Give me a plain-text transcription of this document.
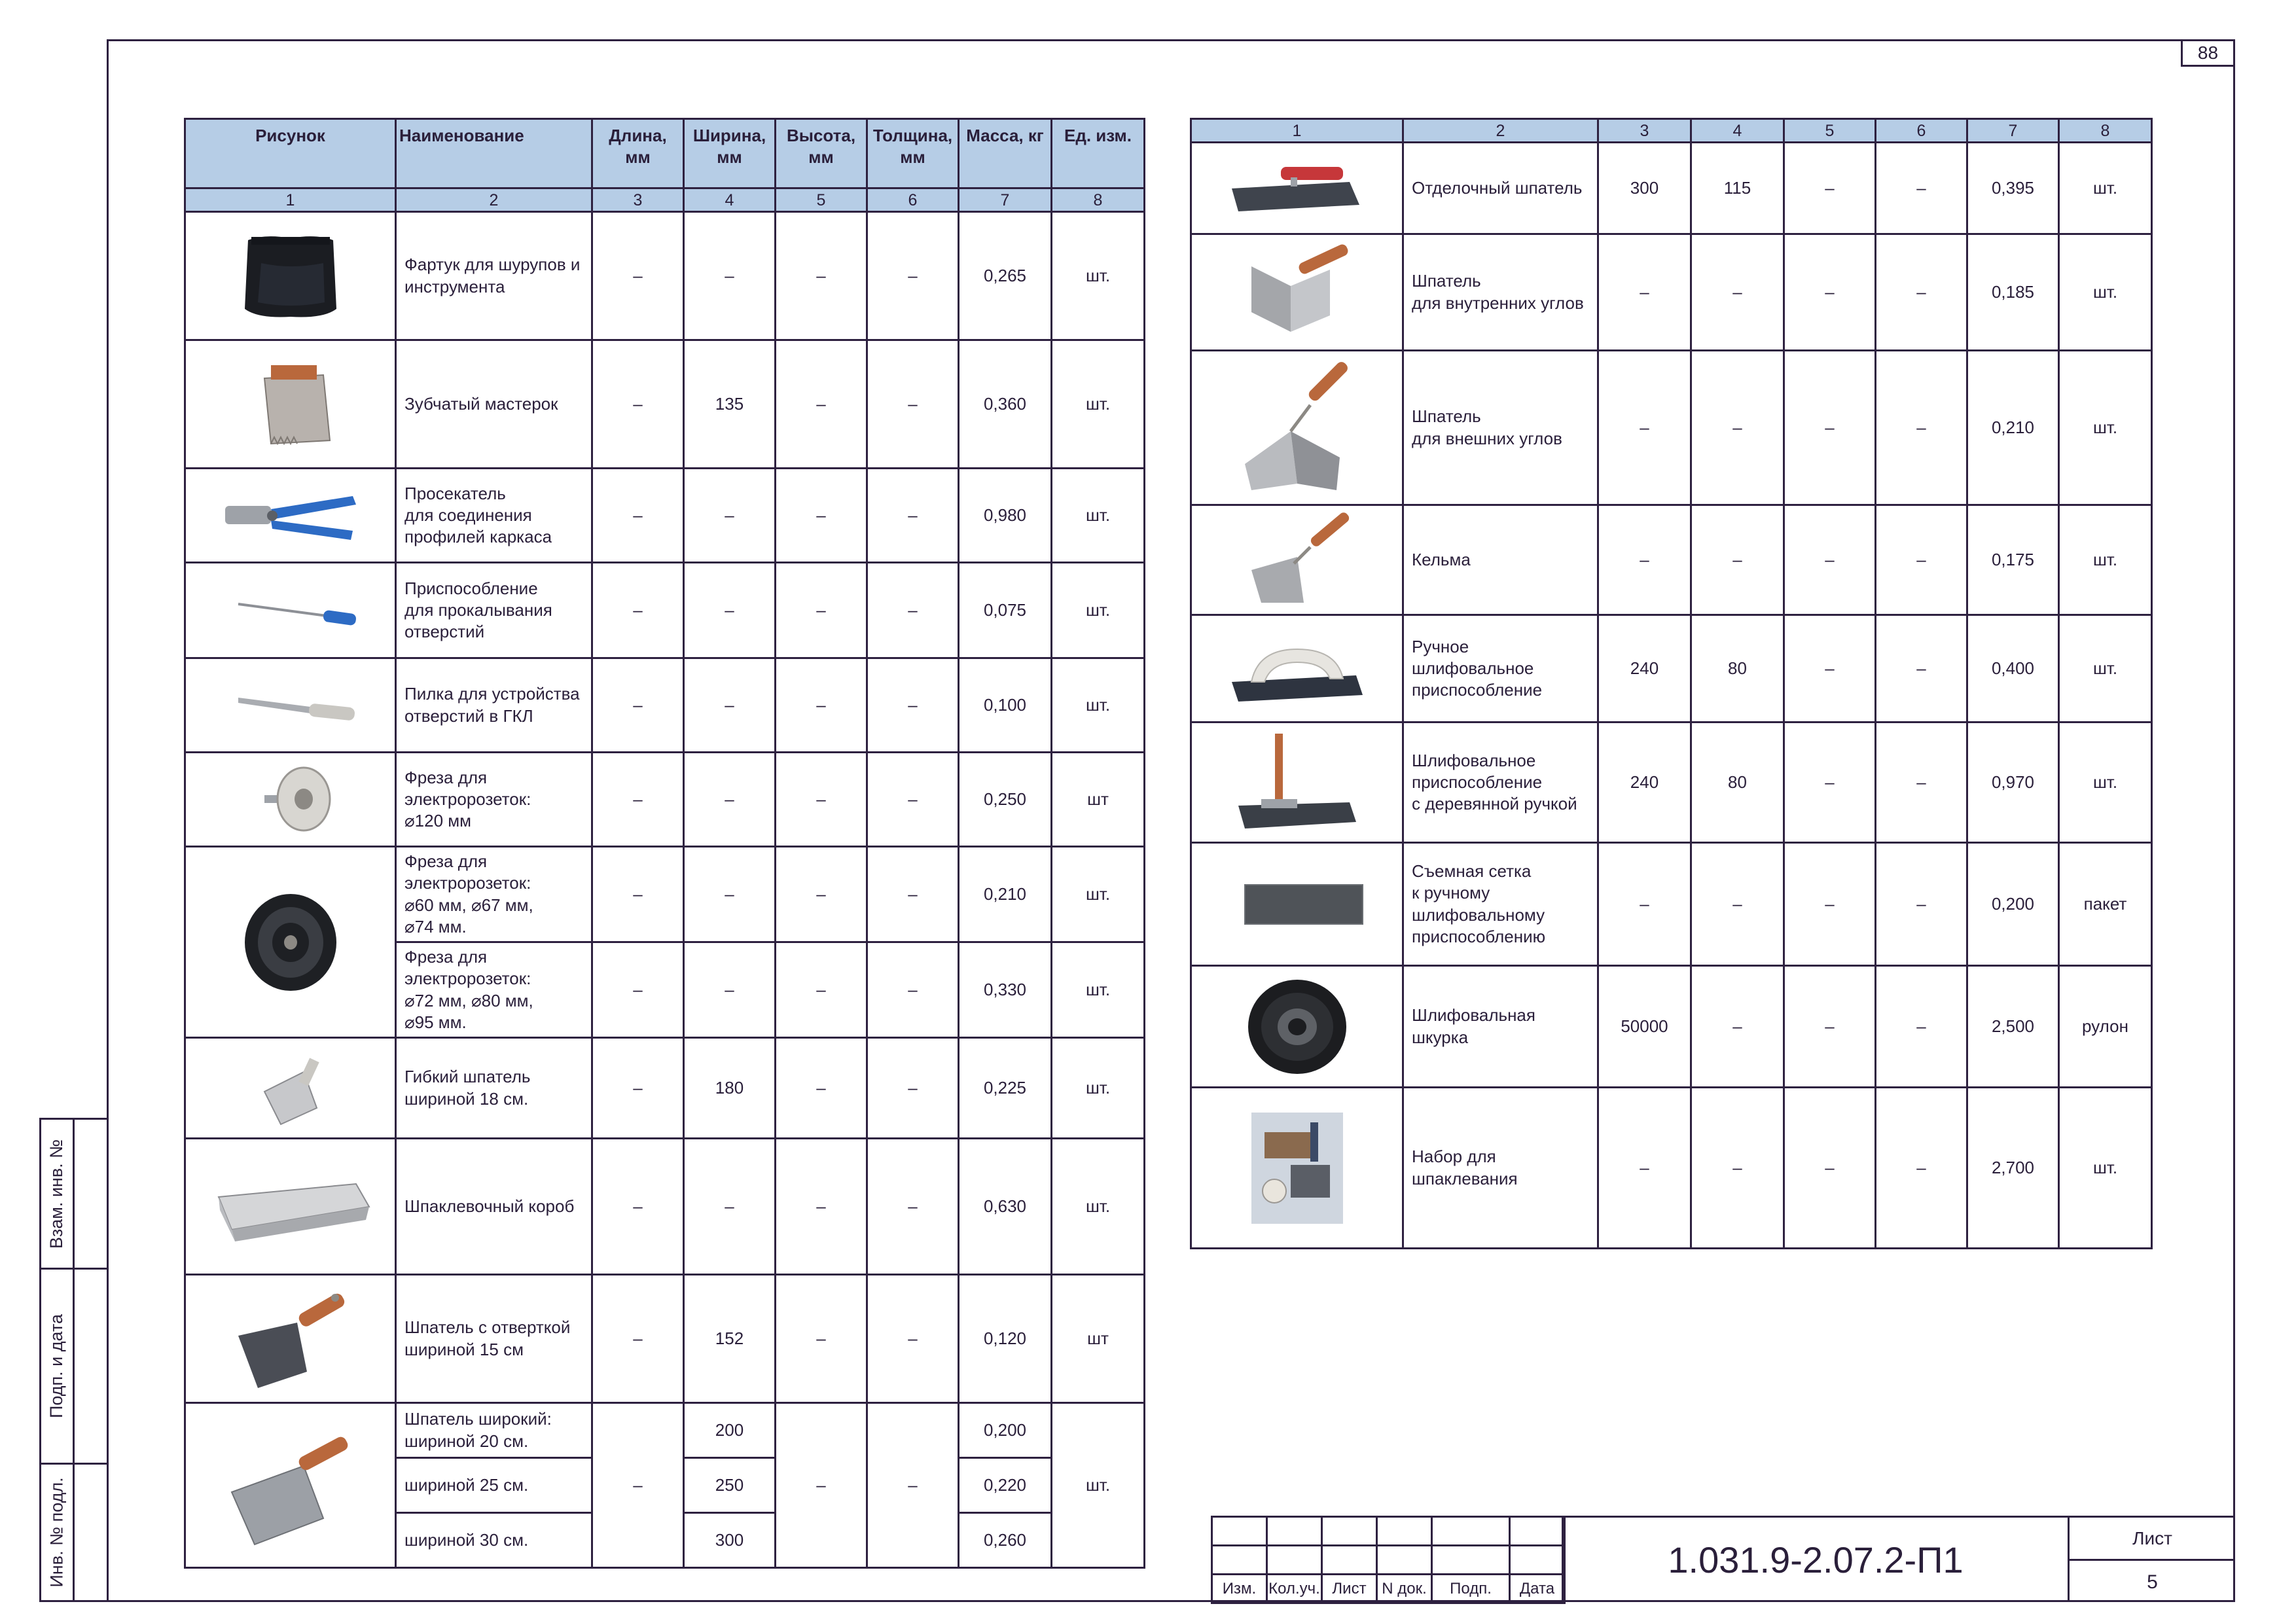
88
Взам. инв. №
Подп. и дата
Инв. № подл.
Рисунок	Наименование	Длина,
мм	Ширина,
мм	Высота,
мм	Толщина,
мм	Масса, кг	Ед. изм.
1	2	3	4	5	6	7	8

	Фартук для шурупов и
инструмента	–	–	–	–	0,265	шт.

	Зубчатый мастерок	–	135	–	–	0,360	шт.

	Просекатель
для соединения
профилей каркаса	–	–	–	–	0,980	шт.

	Приспособление
для прокалывания
отверстий	–	–	–	–	0,075	шт.

	Пилка для устройства
отверстий в ГКЛ	–	–	–	–	0,100	шт.

	Фреза для
электророзеток:
⌀120 мм	–	–	–	–	0,250	шт

	Фреза для
электророзеток:
⌀60 мм, ⌀67 мм,
⌀74 мм.	–	–	–	–	0,210	шт.
	Фреза для
электророзеток:
⌀72 мм, ⌀80 мм,
⌀95 мм.	–	–	–	–	0,330	шт.

	Гибкий шпатель
шириной 18 см.	–	180	–	–	0,225	шт.

	Шпаклевочный короб	–	–	–	–	0,630	шт.

	Шпатель с отверткой
шириной 15 см	–	152	–	–	0,120	шт

	Шпатель широкий:
шириной 20 см.	–	200	–	–	0,200	шт.
	шириной 25 см.		250			0,220	
	шириной 30 см.		300			0,260	
1	2	3	4	5	6	7	8

	Отделочный шпатель	300	115	–	–	0,395	шт.

	Шпатель
для внутренних углов	–	–	–	–	0,185	шт.

	Шпатель
для внешних углов	–	–	–	–	0,210	шт.

	Кельма	–	–	–	–	0,175	шт.

	Ручное шлифовальное
приспособление	240	80	–	–	0,400	шт.

	Шлифовальное
приспособление
с деревянной ручкой	240	80	–	–	0,970	шт.

	Съемная сетка
к ручному
шлифовальному
приспособлению	–	–	–	–	0,200	пакет

	Шлифовальная шкурка	50000	–	–	–	2,500	рулон

	Набор для
шпаклевания	–	–	–	–	2,700	шт.

Изм.	Кол.уч.	Лист	N док.	Подп.	Дата
1.031.9-2.07.2-П1
Лист
5
